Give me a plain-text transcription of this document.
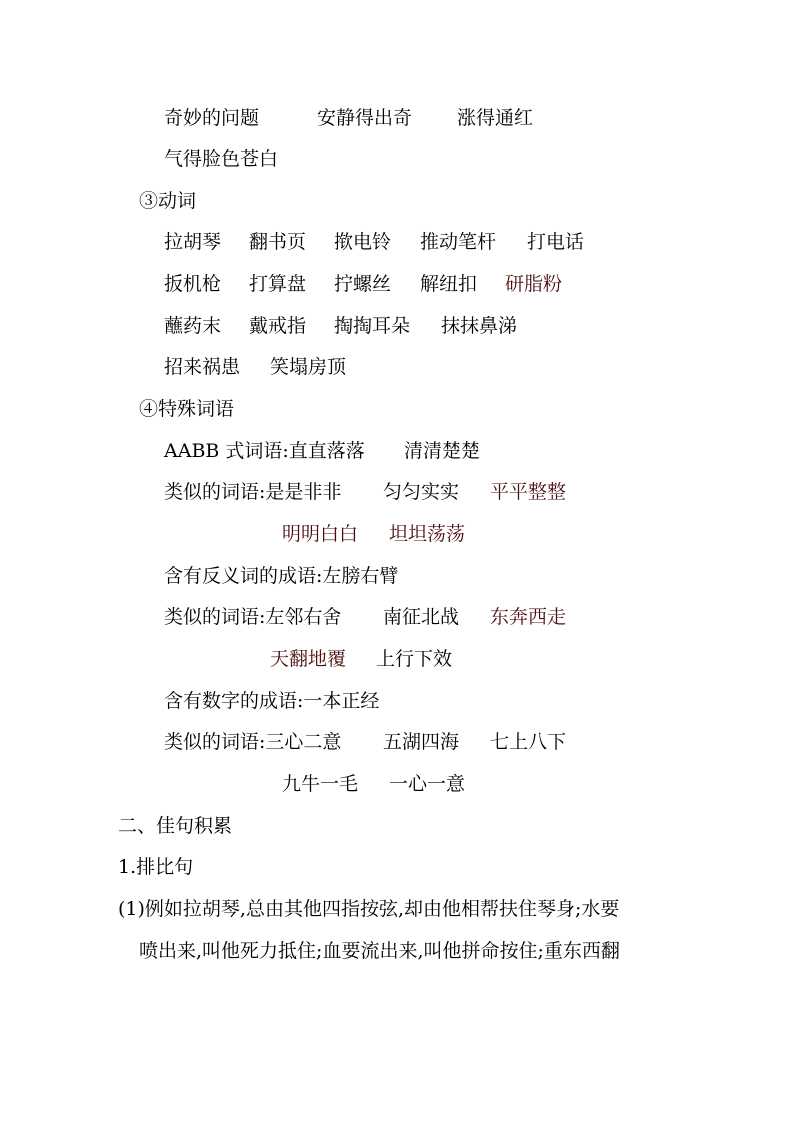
奇妙的问题	安静得出奇 涨得通红
气得脸色苍白
③动词
拉胡琴 翻书页 揿电铃 推动笔杆 打电话
扳机枪 打算盘 拧螺丝 解纽扣 研脂粉
蘸药末 戴戒指 掏掏耳朵 抹抹鼻涕
招来祸患 笑塌房顶
④特殊词语
AABB 式词语:直直落落 清清楚楚
类似的词语:是是非非 匀匀实实 平平整整
明明白白 坦坦荡荡
含有反义词的成语:左膀右臂
类似的词语:左邻右舍 南征北战 东奔西走
天翻地覆 上行下效
含有数字的成语:一本正经
类似的词语:三心二意 五湖四海 七上八下
九牛一毛 一心一意
二、佳句积累
1.排比句
(1)例如拉胡琴,总由其他四指按弦,却由他相帮扶住琴身;水要
喷出来,叫他死力抵住;血要流出来,叫他拼命按住;重东西翻
